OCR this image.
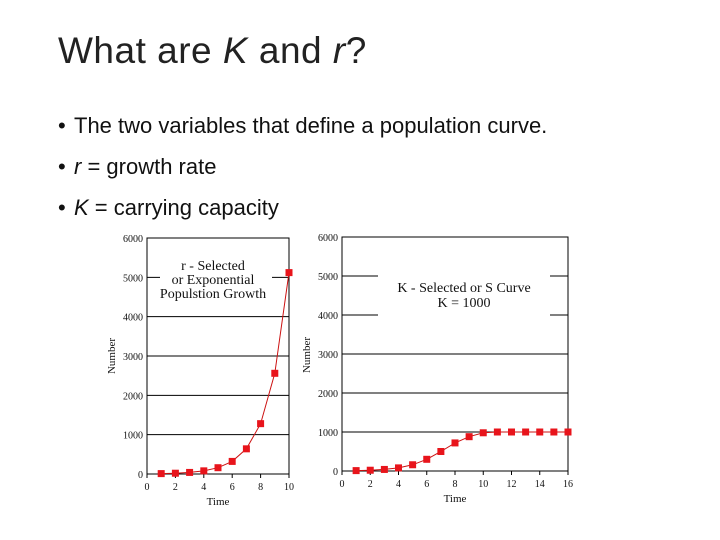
What are K and r?
• The two variables that define a population curve.
• r = growth rate
• K = carrying capacity
0
1000
2000
3000
4000
5000
6000
0 2 4 6 8 10
r - Selected
or Exponential
Populstion Growth
Time
Number
0
1000
2000
3000
4000
5000
6000
0 2 4 6 8 10 12 14 16
K - Selected or S Curve
K = 1000
Time
Number
